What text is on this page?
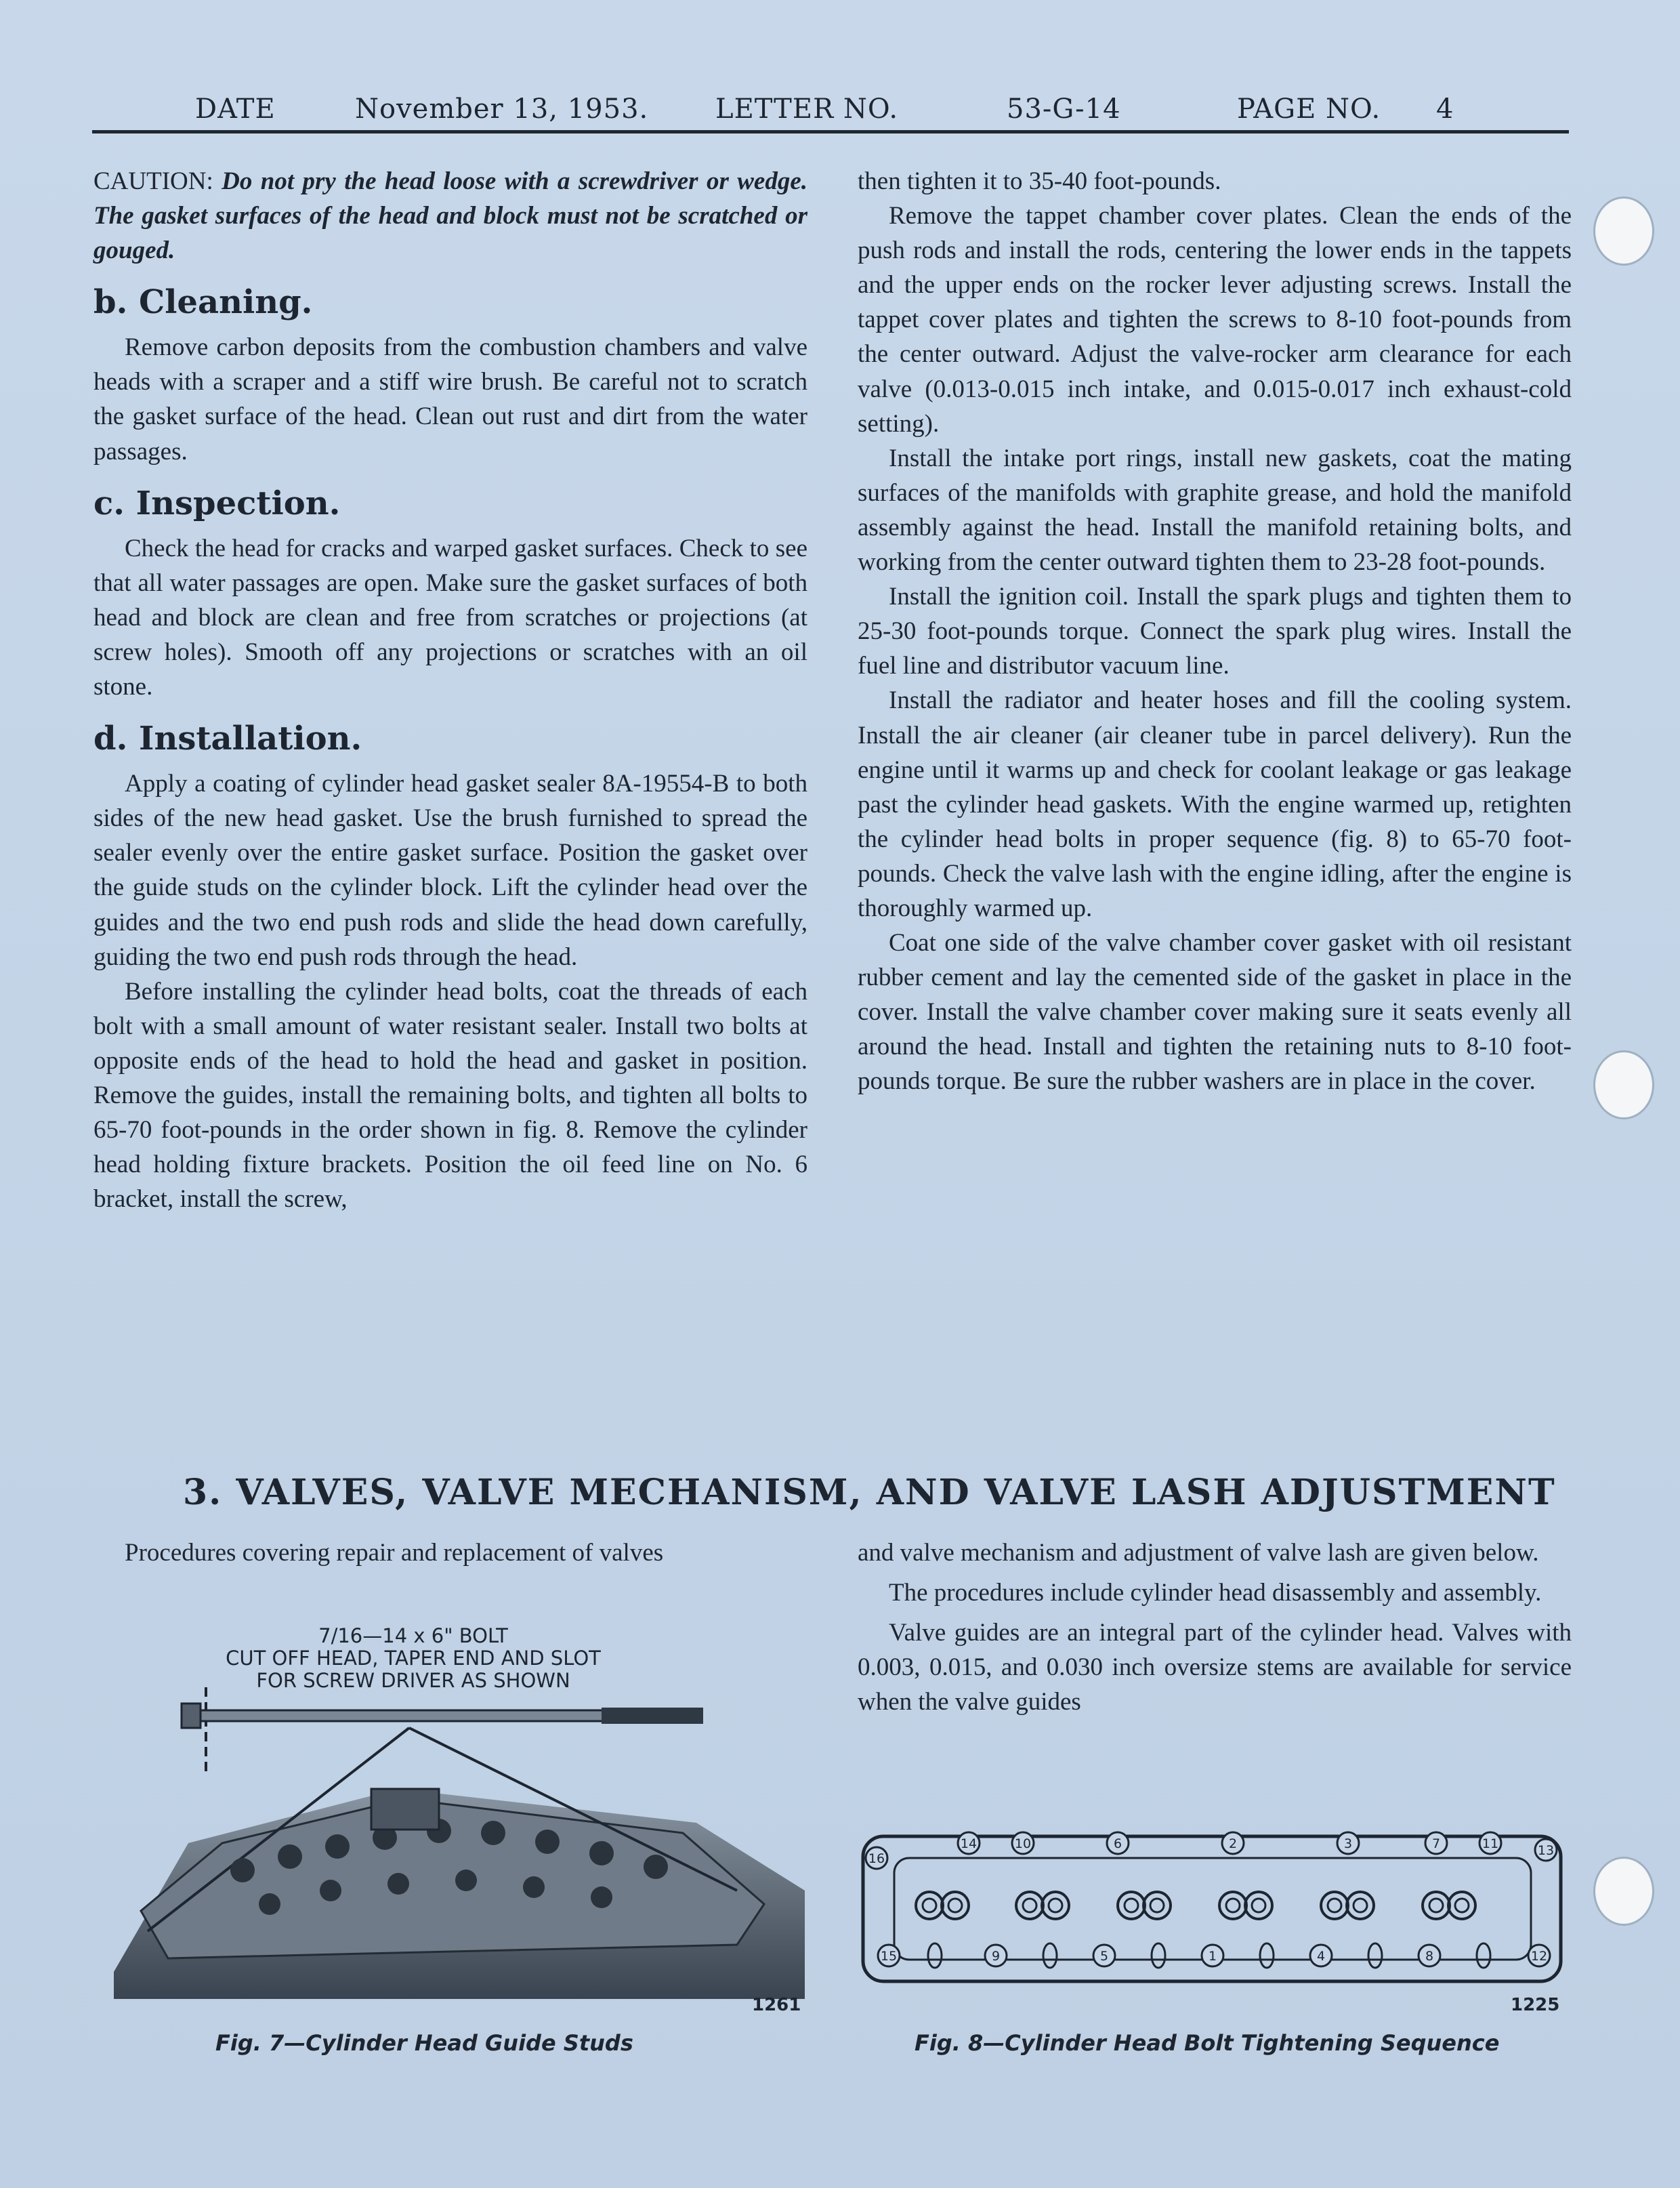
DATE	November 13, 1953. LETTER NO.	53-G-14	PAGE NO. 4

CAUTION: Do not pry the head loose with a screwdriver or wedge. The gasket surfaces of the head and block must not be scratched or gouged.

b. Cleaning.

Remove carbon deposits from the combustion chambers and valve heads with a scraper and a stiff wire brush. Be careful not to scratch the gasket surface of the head. Clean out rust and dirt from the water passages.

c. Inspection.

Check the head for cracks and warped gasket surfaces. Check to see that all water passages are open. Make sure the gasket surfaces of both head and block are clean and free from scratches or projections (at screw holes). Smooth off any projections or scratches with an oil stone.

d. Installation.

Apply a coating of cylinder head gasket sealer 8A-19554-B to both sides of the new head gasket. Use the brush furnished to spread the sealer evenly over the entire gasket surface. Position the gasket over the guide studs on the cylinder block. Lift the cylinder head over the guides and the two end push rods and slide the head down carefully, guiding the two end push rods through the head.

Before installing the cylinder head bolts, coat the threads of each bolt with a small amount of water resistant sealer. Install two bolts at opposite ends of the head to hold the head and gasket in position. Remove the guides, install the remaining bolts, and tighten all bolts to 65-70 foot-pounds in the order shown in fig. 8. Remove the cylinder head holding fixture brackets. Position the oil feed line on No. 6 bracket, install the screw,

then tighten it to 35-40 foot-pounds.

Remove the tappet chamber cover plates. Clean the ends of the push rods and install the rods, centering the lower ends in the tappets and the upper ends on the rocker lever adjusting screws. Install the tappet cover plates and tighten the screws to 8-10 foot-pounds from the center outward. Adjust the valve-rocker arm clearance for each valve (0.013-0.015 inch intake, and 0.015-0.017 inch exhaust-cold setting).

Install the intake port rings, install new gaskets, coat the mating surfaces of the manifolds with graphite grease, and hold the manifold assembly against the head. Install the manifold retaining bolts, and working from the center outward tighten them to 23-28 foot-pounds.

Install the ignition coil. Install the spark plugs and tighten them to 25-30 foot-pounds torque. Connect the spark plug wires. Install the fuel line and distributor vacuum line.

Install the radiator and heater hoses and fill the cooling system. Install the air cleaner (air cleaner tube in parcel delivery). Run the engine until it warms up and check for coolant leakage or gas leakage past the cylinder head gaskets. With the engine warmed up, retighten the cylinder head bolts in proper sequence (fig. 8) to 65-70 foot-pounds. Check the valve lash with the engine idling, after the engine is thoroughly warmed up.

Coat one side of the valve chamber cover gasket with oil resistant rubber cement and lay the cemented side of the gasket in place in the cover. Install the valve chamber cover making sure it seats evenly all around the head. Install and tighten the retaining nuts to 8-10 foot-pounds torque. Be sure the rubber washers are in place in the cover.

3. VALVES, VALVE MECHANISM, AND VALVE LASH ADJUSTMENT

Procedures covering repair and replacement of valves	and valve mechanism and adjustment of valve lash are given below.

The procedures include cylinder head disassembly and assembly.

Valve guides are an integral part of the cylinder head. Valves with 0.003, 0.015, and 0.030 inch oversize stems are available for service when the valve guides

7/16—14 x 6" BOLT
CUT OFF HEAD, TAPER END AND SLOT
FOR SCREW DRIVER AS SHOWN
1261
Fig. 7—Cylinder Head Guide Studs
14	10	6	2	3	7	11
9	5	1	4	8
16
15
13
12
1225
Fig. 8—Cylinder Head Bolt Tightening Sequence
